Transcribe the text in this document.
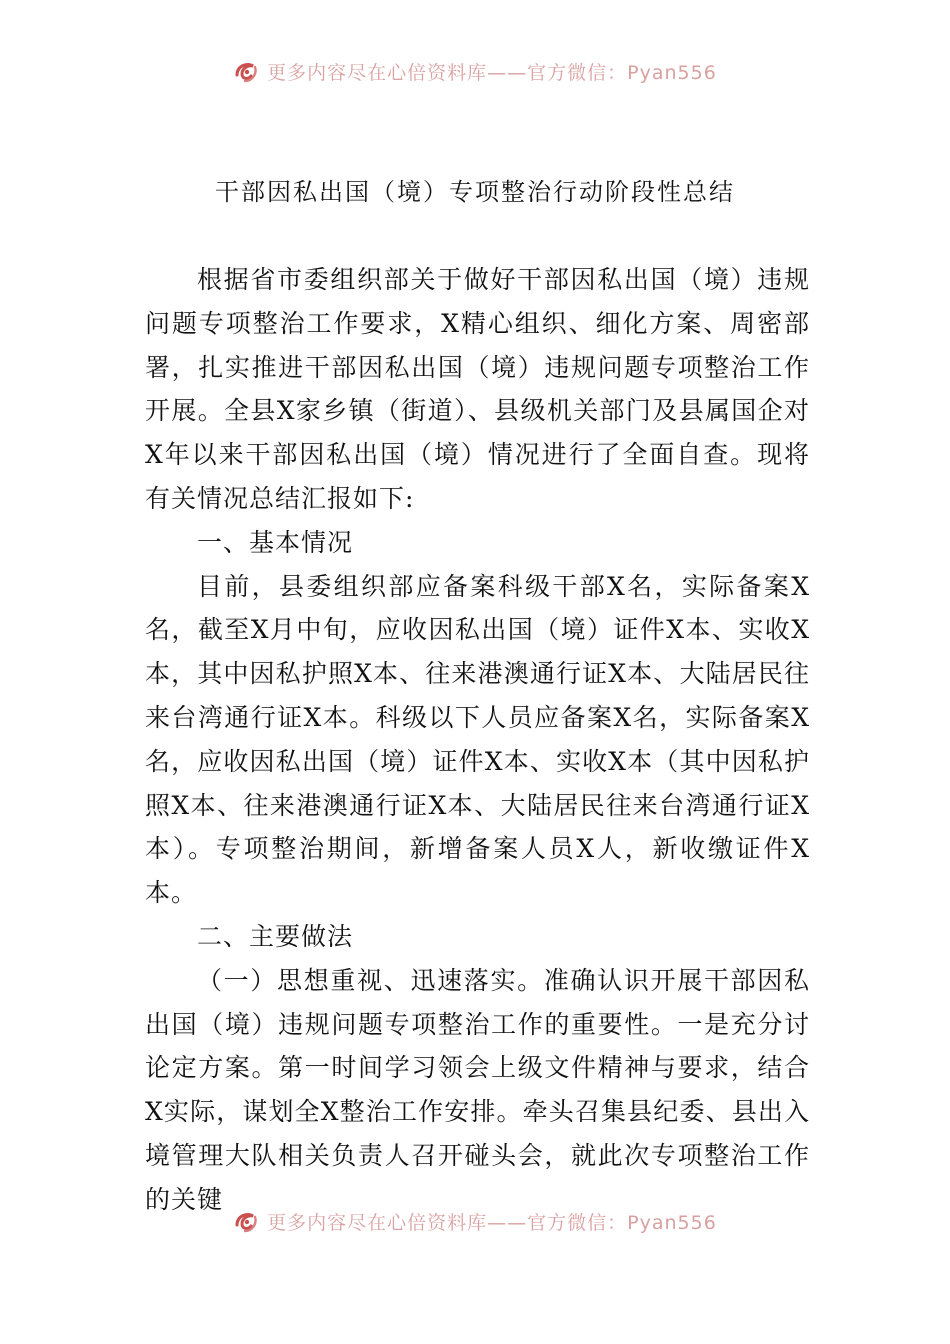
更多内容尽在心倍资料库——官方微信：Pyan556
干部因私出国（境）专项整治行动阶段性总结

根据省市委组织部关于做好干部因私出国（境）违规问题专项整治工作要求，X精心组织、细化方案、周密部署，扎实推进干部因私出国（境）违规问题专项整治工作开展。全县X家乡镇（街道）、县级机关部门及县属国企对X年以来干部因私出国（境）情况进行了全面自查。现将有关情况总结汇报如下:

一、基本情况

目前，县委组织部应备案科级干部X名，实际备案X名，截至X月中旬，应收因私出国（境）证件X本、实收X本，其中因私护照X本、往来港澳通行证X本、大陆居民往来台湾通行证X本。科级以下人员应备案X名，实际备案X名，应收因私出国（境）证件X本、实收X本（其中因私护照X本、往来港澳通行证X本、大陆居民往来台湾通行证X本）。专项整治期间，新增备案人员X人，新收缴证件X本。

二、主要做法

（一）思想重视、迅速落实。准确认识开展干部因私出国（境）违规问题专项整治工作的重要性。一是充分讨论定方案。第一时间学习领会上级文件精神与要求，结合X实际，谋划全X整治工作安排。牵头召集县纪委、县出入境管理大队相关负责人召开碰头会，就此次专项整治工作的关键

更多内容尽在心倍资料库——官方微信：Pyan556
